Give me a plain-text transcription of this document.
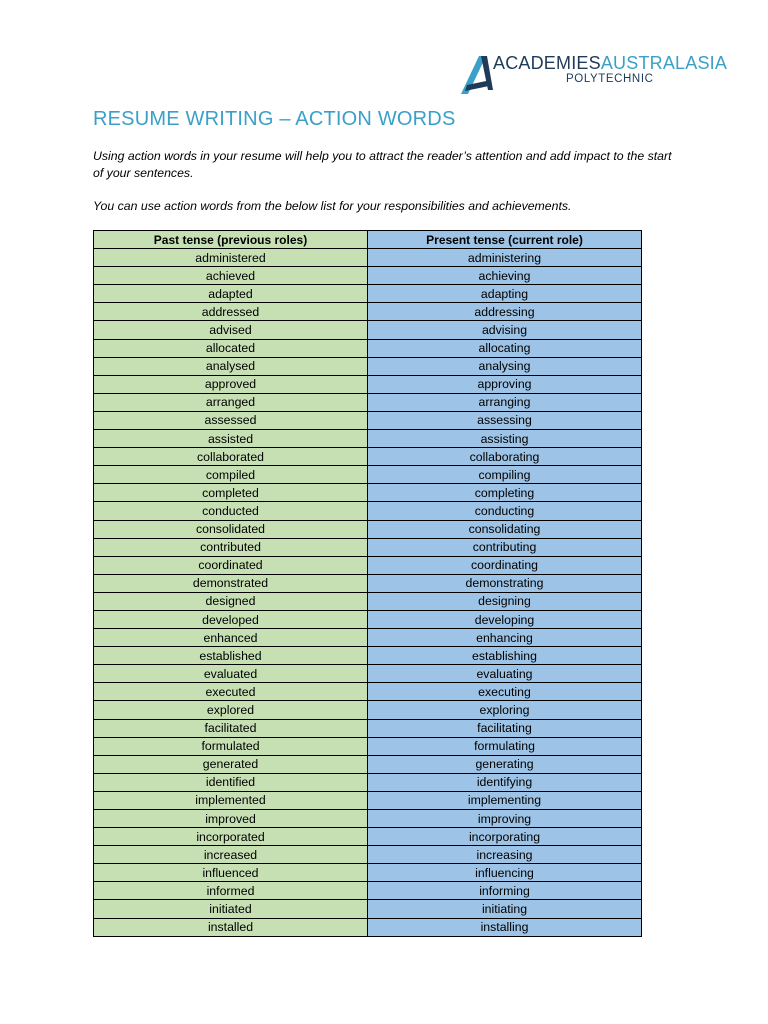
ACADEMIESAUSTRALASIA
POLYTECHNIC
RESUME WRITING – ACTION WORDS
Using action words in your resume will help you to attract the reader’s attention and add impact to the start of your sentences.
You can use action words from the below list for your responsibilities and achievements.
Past tense (previous roles)	Present tense (current role)
administered	administering
achieved	achieving
adapted	adapting
addressed	addressing
advised	advising
allocated	allocating
analysed	analysing
approved	approving
arranged	arranging
assessed	assessing
assisted	assisting
collaborated	collaborating
compiled	compiling
completed	completing
conducted	conducting
consolidated	consolidating
contributed	contributing
coordinated	coordinating
demonstrated	demonstrating
designed	designing
developed	developing
enhanced	enhancing
established	establishing
evaluated	evaluating
executed	executing
explored	exploring
facilitated	facilitating
formulated	formulating
generated	generating
identified	identifying
implemented	implementing
improved	improving
incorporated	incorporating
increased	increasing
influenced	influencing
informed	informing
initiated	initiating
installed	installing
